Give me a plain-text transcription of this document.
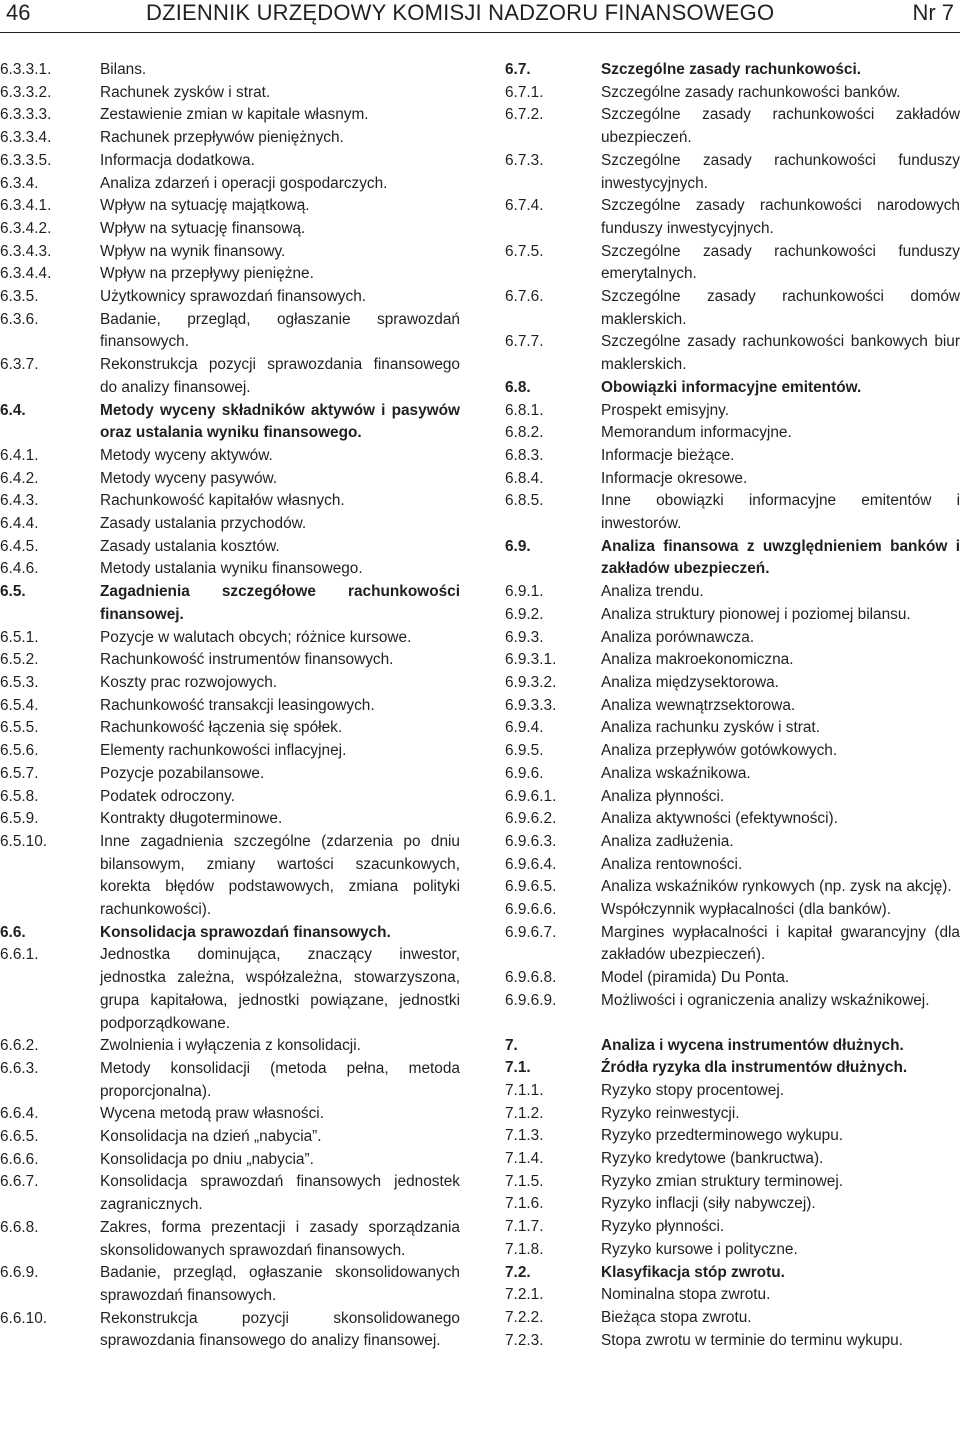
46	DZIENNIK URZĘDOWY KOMISJI NADZORU FINANSOWEGO	Nr 7
6.3.3.1.	Bilans.
6.3.3.2.	Rachunek zysków i strat.
6.3.3.3.	Zestawienie zmian w kapitale własnym.
6.3.3.4.	Rachunek przepływów pieniężnych.
6.3.3.5.	Informacja dodatkowa.
6.3.4.	Analiza zdarzeń i operacji gospodarczych.
6.3.4.1.	Wpływ na sytuację majątkową.
6.3.4.2.	Wpływ na sytuację finansową.
6.3.4.3.	Wpływ na wynik finansowy.
6.3.4.4.	Wpływ na przepływy pieniężne.
6.3.5.	Użytkownicy sprawozdań finansowych.
6.3.6.	Badanie, przegląd, ogłaszanie sprawozdań finansowych.
6.3.7.	Rekonstrukcja pozycji sprawozdania finansowego do analizy finansowej.
6.4.	Metody wyceny składników aktywów i pasywów oraz ustalania wyniku finansowego.
6.4.1.	Metody wyceny aktywów.
6.4.2.	Metody wyceny pasywów.
6.4.3.	Rachunkowość kapitałów własnych.
6.4.4.	Zasady ustalania przychodów.
6.4.5.	Zasady ustalania kosztów.
6.4.6.	Metody ustalania wyniku finansowego.
6.5.	Zagadnienia szczegółowe rachunkowości finansowej.
6.5.1.	Pozycje w walutach obcych; różnice kursowe.
6.5.2.	Rachunkowość instrumentów finansowych.
6.5.3.	Koszty prac rozwojowych.
6.5.4.	Rachunkowość transakcji leasingowych.
6.5.5.	Rachunkowość łączenia się spółek.
6.5.6.	Elementy rachunkowości inflacyjnej.
6.5.7.	Pozycje pozabilansowe.
6.5.8.	Podatek odroczony.
6.5.9.	Kontrakty długoterminowe.
6.5.10.	Inne zagadnienia szczególne (zdarzenia po dniu bilansowym, zmiany wartości szacunkowych, korekta błędów podstawowych, zmiana polityki rachunkowości).
6.6.	Konsolidacja sprawozdań finansowych.
6.6.1.	Jednostka dominująca, znaczący inwestor, jednostka zależna, współzależna, stowarzyszona, grupa kapitałowa, jednostki powiązane, jednostki podporządkowane.
6.6.2.	Zwolnienia i wyłączenia z konsolidacji.
6.6.3.	Metody konsolidacji (metoda pełna, metoda proporcjonalna).
6.6.4.	Wycena metodą praw własności.
6.6.5.	Konsolidacja na dzień „nabycia”.
6.6.6.	Konsolidacja po dniu „nabycia”.
6.6.7.	Konsolidacja sprawozdań finansowych jednostek zagranicznych.
6.6.8.	Zakres, forma prezentacji i zasady sporządzania skonsolidowanych sprawozdań finansowych.
6.6.9.	Badanie, przegląd, ogłaszanie skonsolidowanych sprawozdań finansowych.
6.6.10.	Rekonstrukcja pozycji skonsolidowanego sprawozdania finansowego do analizy finansowej.
6.7.	Szczególne zasady rachunkowości.
6.7.1.	Szczególne zasady rachunkowości banków.
6.7.2.	Szczególne zasady rachunkowości zakładów ubezpieczeń.
6.7.3.	Szczególne zasady rachunkowości funduszy inwestycyjnych.
6.7.4.	Szczególne zasady rachunkowości narodowych funduszy inwestycyjnych.
6.7.5.	Szczególne zasady rachunkowości funduszy emerytalnych.
6.7.6.	Szczególne zasady rachunkowości domów maklerskich.
6.7.7.	Szczególne zasady rachunkowości bankowych biur maklerskich.
6.8.	Obowiązki informacyjne emitentów.
6.8.1.	Prospekt emisyjny.
6.8.2.	Memorandum informacyjne.
6.8.3.	Informacje bieżące.
6.8.4.	Informacje okresowe.
6.8.5.	Inne obowiązki informacyjne emitentów i inwestorów.
6.9.	Analiza finansowa z uwzględnieniem banków i zakładów ubezpieczeń.
6.9.1.	Analiza trendu.
6.9.2.	Analiza struktury pionowej i poziomej bilansu.
6.9.3.	Analiza porównawcza.
6.9.3.1.	Analiza makroekonomiczna.
6.9.3.2.	Analiza międzysektorowa.
6.9.3.3.	Analiza wewnątrzsektorowa.
6.9.4.	Analiza rachunku zysków i strat.
6.9.5.	Analiza przepływów gotówkowych.
6.9.6.	Analiza wskaźnikowa.
6.9.6.1.	Analiza płynności.
6.9.6.2.	Analiza aktywności (efektywności).
6.9.6.3.	Analiza zadłużenia.
6.9.6.4.	Analiza rentowności.
6.9.6.5.	Analiza wskaźników rynkowych (np. zysk na akcję).
6.9.6.6.	Współczynnik wypłacalności (dla banków).
6.9.6.7.	Margines wypłacalności i kapitał gwarancyjny (dla zakładów ubezpieczeń).
6.9.6.8.	Model (piramida) Du Ponta.
6.9.6.9.	Możliwości i ograniczenia analizy wskaźnikowej.
7.	Analiza i wycena instrumentów dłużnych.
7.1.	Źródła ryzyka dla instrumentów dłużnych.
7.1.1.	Ryzyko stopy procentowej.
7.1.2.	Ryzyko reinwestycji.
7.1.3.	Ryzyko przedterminowego wykupu.
7.1.4.	Ryzyko kredytowe (bankructwa).
7.1.5.	Ryzyko zmian struktury terminowej.
7.1.6.	Ryzyko inflacji (siły nabywczej).
7.1.7.	Ryzyko płynności.
7.1.8.	Ryzyko kursowe i polityczne.
7.2.	Klasyfikacja stóp zwrotu.
7.2.1.	Nominalna stopa zwrotu.
7.2.2.	Bieżąca stopa zwrotu.
7.2.3.	Stopa zwrotu w terminie do terminu wykupu.
